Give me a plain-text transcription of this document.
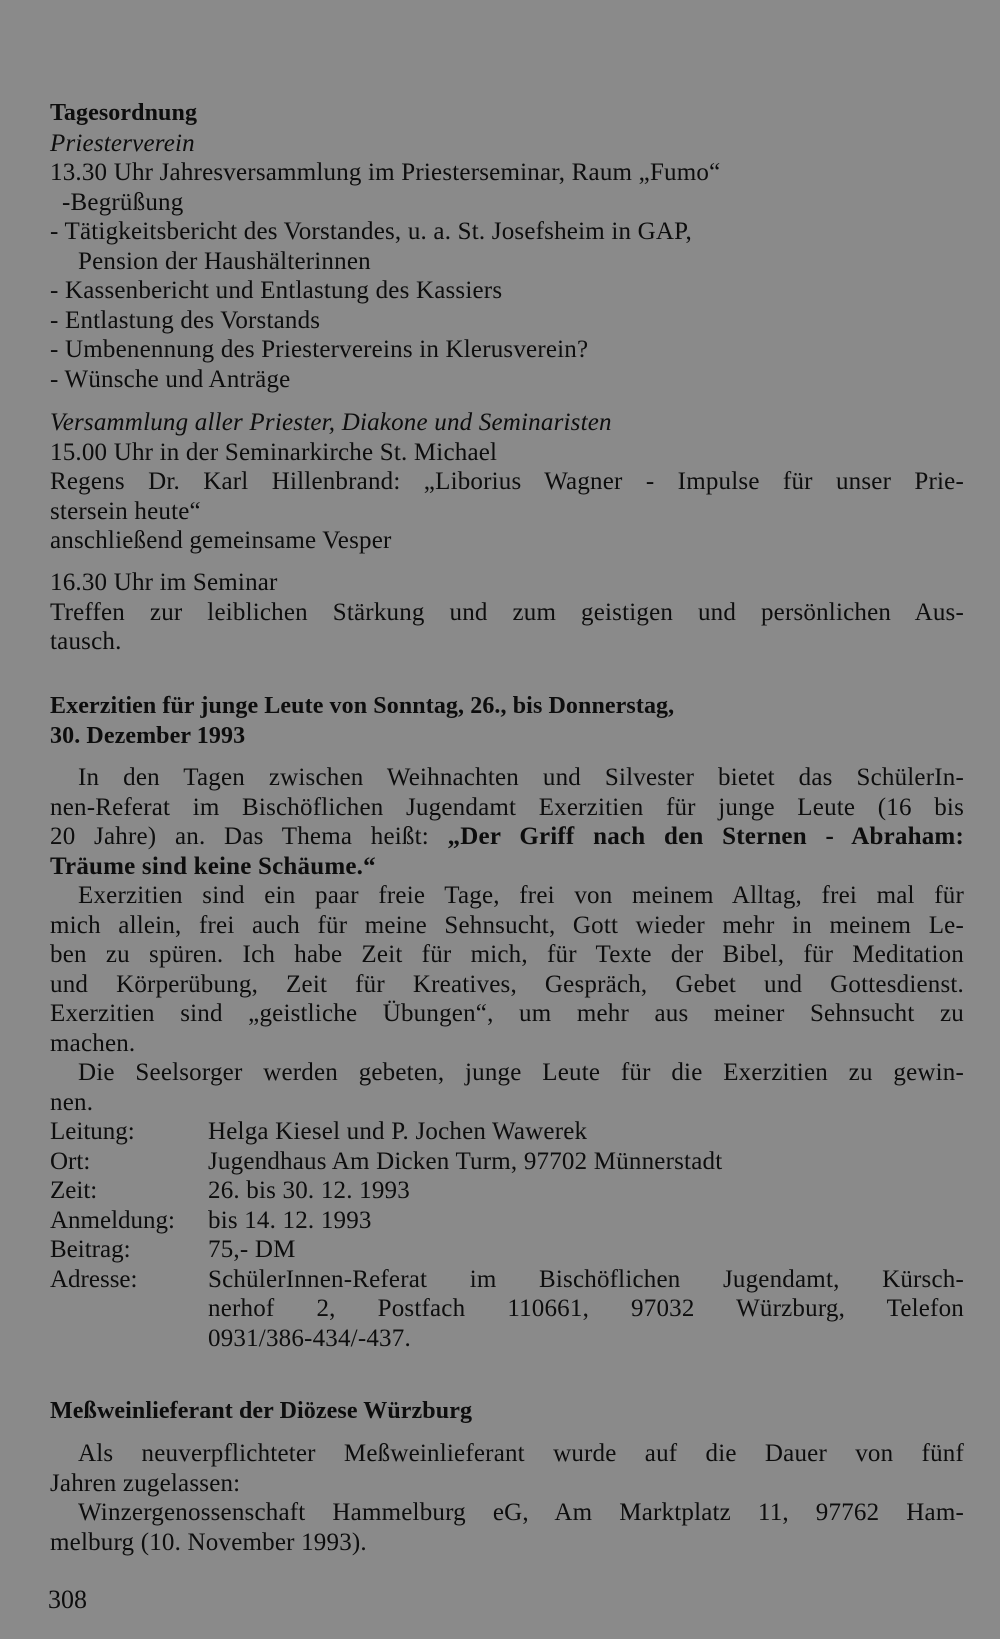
Tagesordnung
Priesterverein
13.30 Uhr Jahresversammlung im Priesterseminar, Raum „Fumo“
-Begrüßung
- Tätigkeitsbericht des Vorstandes, u. a. St. Josefsheim in GAP,
Pension der Haushälterinnen
- Kassenbericht und Entlastung des Kassiers
- Entlastung des Vorstands
- Umbenennung des Priestervereins in Klerusverein?
- Wünsche und Anträge
Versammlung aller Priester, Diakone und Seminaristen
15.00 Uhr in der Seminarkirche St. Michael
Regens Dr. Karl Hillenbrand: „Liborius Wagner - Impulse für unser Prie-
stersein heute“
anschließend gemeinsame Vesper
16.30 Uhr im Seminar
Treffen zur leiblichen Stärkung und zum geistigen und persönlichen Aus-
tausch.
Exerzitien für junge Leute von Sonntag, 26., bis Donnerstag,
30. Dezember 1993
In den Tagen zwischen Weihnachten und Silvester bietet das SchülerIn-
nen-Referat im Bischöflichen Jugendamt Exerzitien für junge Leute (16 bis
20 Jahre) an. Das Thema heißt: „Der Griff nach den Sternen - Abraham:
Träume sind keine Schäume.“
Exerzitien sind ein paar freie Tage, frei von meinem Alltag, frei mal für
mich allein, frei auch für meine Sehnsucht, Gott wieder mehr in meinem Le-
ben zu spüren. Ich habe Zeit für mich, für Texte der Bibel, für Meditation
und Körperübung, Zeit für Kreatives, Gespräch, Gebet und Gottesdienst.
Exerzitien sind „geistliche Übungen“, um mehr aus meiner Sehnsucht zu
machen.
Die Seelsorger werden gebeten, junge Leute für die Exerzitien zu gewin-
nen.
Leitung:	Helga Kiesel und P. Jochen Wawerek
Ort:	Jugendhaus Am Dicken Turm, 97702 Münnerstadt
Zeit:	26. bis 30. 12. 1993
Anmeldung:	bis 14. 12. 1993
Beitrag:	75,- DM
Adresse:	SchülerInnen-Referat im Bischöflichen Jugendamt, Kürsch-
nerhof 2, Postfach 110661, 97032 Würzburg, Telefon
0931/386-434/-437.
Meßweinlieferant der Diözese Würzburg
Als neuverpflichteter Meßweinlieferant wurde auf die Dauer von fünf
Jahren zugelassen:
Winzergenossenschaft Hammelburg eG, Am Marktplatz 11, 97762 Ham-
melburg (10. November 1993).
308
